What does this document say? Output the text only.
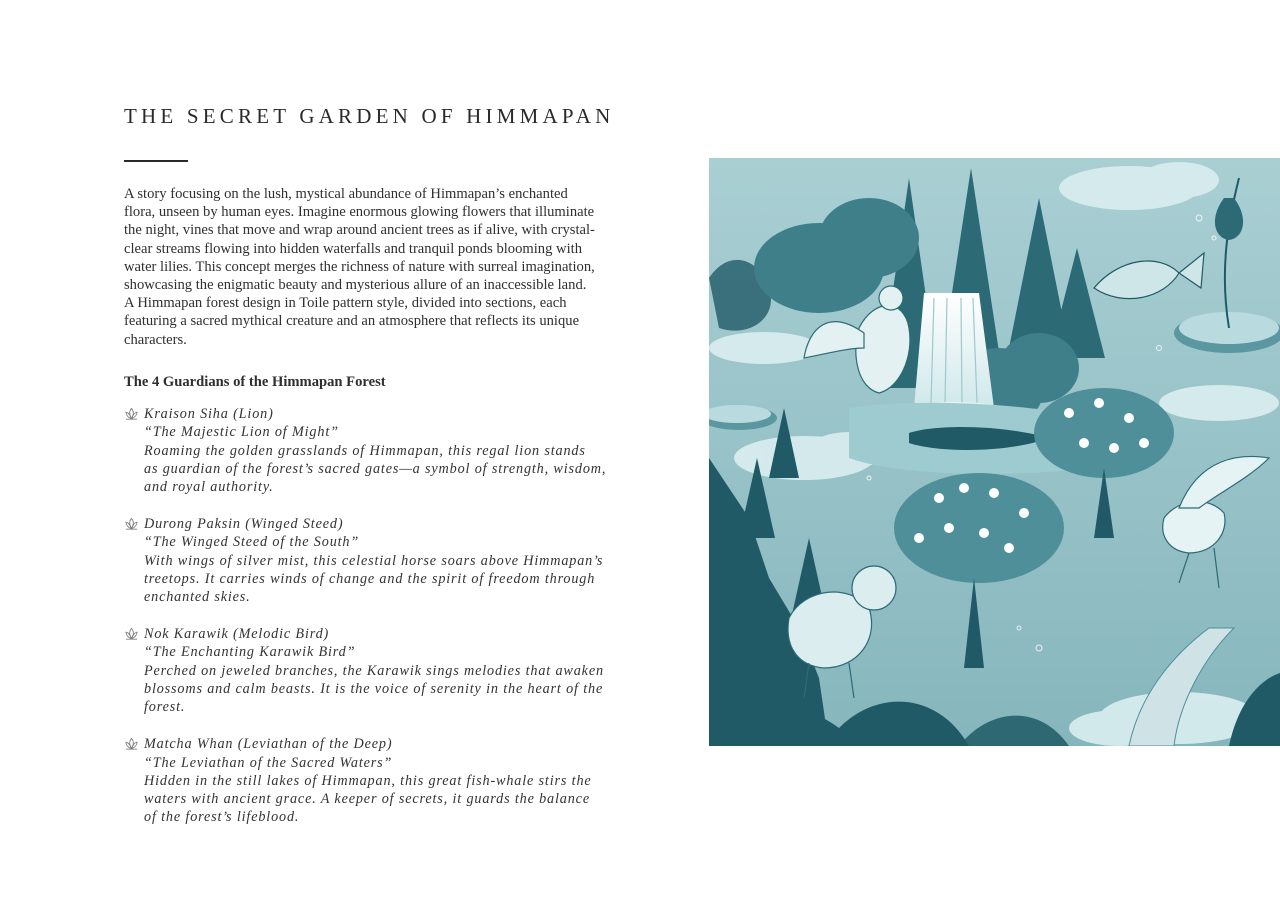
THE SECRET GARDEN OF HIMMAPAN

A story focusing on the lush, mystical abundance of Himmapan’s enchanted

flora, unseen by human eyes. Imagine enormous glowing flowers that illuminate

the night, vines that move and wrap around ancient trees as if alive, with crystal-

clear streams flowing into hidden waterfalls and tranquil ponds blooming with

water lilies. This concept merges the richness of nature with surreal imagination,

showcasing the enigmatic beauty and mysterious allure of an inaccessible land.

A Himmapan forest design in Toile pattern style, divided into sections, each

featuring a sacred mythical creature and an atmosphere that reflects its unique

characters.

The 4 Guardians of the Himmapan Forest
Kraison Siha (Lion)
“The Majestic Lion of Might”
Roaming the golden grasslands of Himmapan, this regal lion stands
as guardian of the forest’s sacred gates—a symbol of strength, wisdom,
and royal authority.
Durong Paksin (Winged Steed)
“The Winged Steed of the South”
With wings of silver mist, this celestial horse soars above Himmapan’s
treetops. It carries winds of change and the spirit of freedom through
enchanted skies.
Nok Karawik (Melodic Bird)
“The Enchanting Karawik Bird”
Perched on jeweled branches, the Karawik sings melodies that awaken
blossoms and calm beasts. It is the voice of serenity in the heart of the
forest.
Matcha Whan (Leviathan of the Deep)
“The Leviathan of the Sacred Waters”
Hidden in the still lakes of Himmapan, this great fish-whale stirs the
waters with ancient grace. A keeper of secrets, it guards the balance
of the forest’s lifeblood.
